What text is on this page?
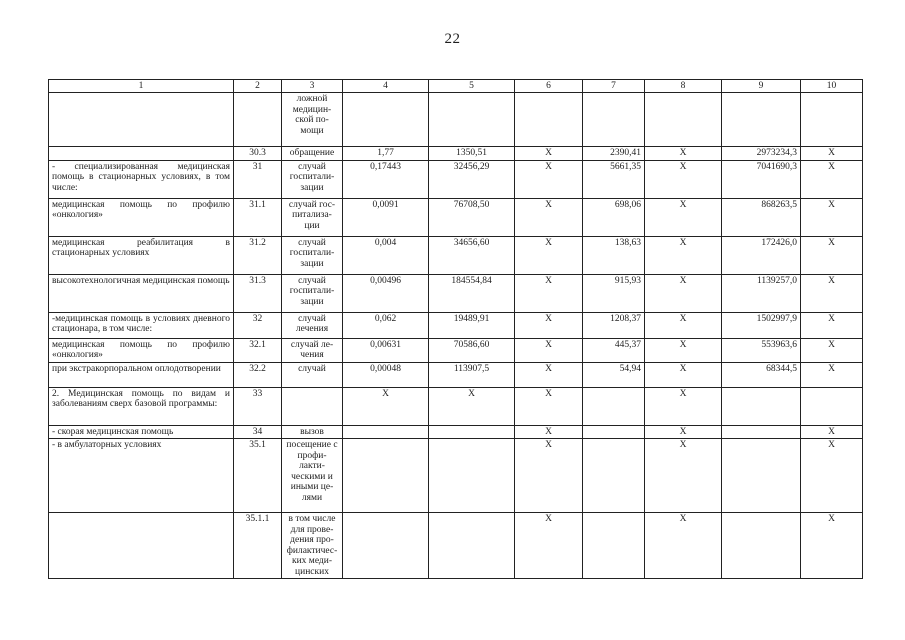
22
1	2	3	4	5	6	7	8	9	10
		ложной медицин-ской по-мощи							
	30.3	обращение	1,77	1350,51	Х	2390,41	Х	2973234,3	Х
- специализированная медицинская помощь в стационарных условиях, в том числе:	31	случай госпитали-зации	0,17443	32456,29	Х	5661,35	Х	7041690,3	Х
медицинская помощь по профилю «онкология»	31.1	случай гос-питализа-ции	0,0091	76708,50	Х	698,06	Х	868263,5	Х
медицинская реабилитация в стационарных условиях	31.2	случай госпитали-зации	0,004	34656,60	Х	138,63	Х	172426,0	Х
высокотехнологичная медицинская помощь	31.3	случай госпитали-зации	0,00496	184554,84	Х	915,93	Х	1139257,0	Х
-медицинская помощь в условиях дневного стационара, в том числе:	32	случай лечения	0,062	19489,91	Х	1208,37	Х	1502997,9	Х
медицинская помощь по профилю «онкология»	32.1	случай ле-чения	0,00631	70586,60	Х	445,37	Х	553963,6	Х
при экстракорпоральном оплодотворении	32.2	случай	0,00048	113907,5	Х	54,94	Х	68344,5	Х
2. Медицинская помощь по видам и заболеваниям сверх базовой программы:	33		Х	Х	Х		Х		
- скорая медицинская помощь	34	вызов			Х		Х		Х
- в амбулаторных условиях	35.1	посещение с профи-лакти-ческими и иными це-лями			Х		Х		Х
	35.1.1	в том числе для прове-дения про-филактичес-ких меди-цинских			Х		Х		Х
